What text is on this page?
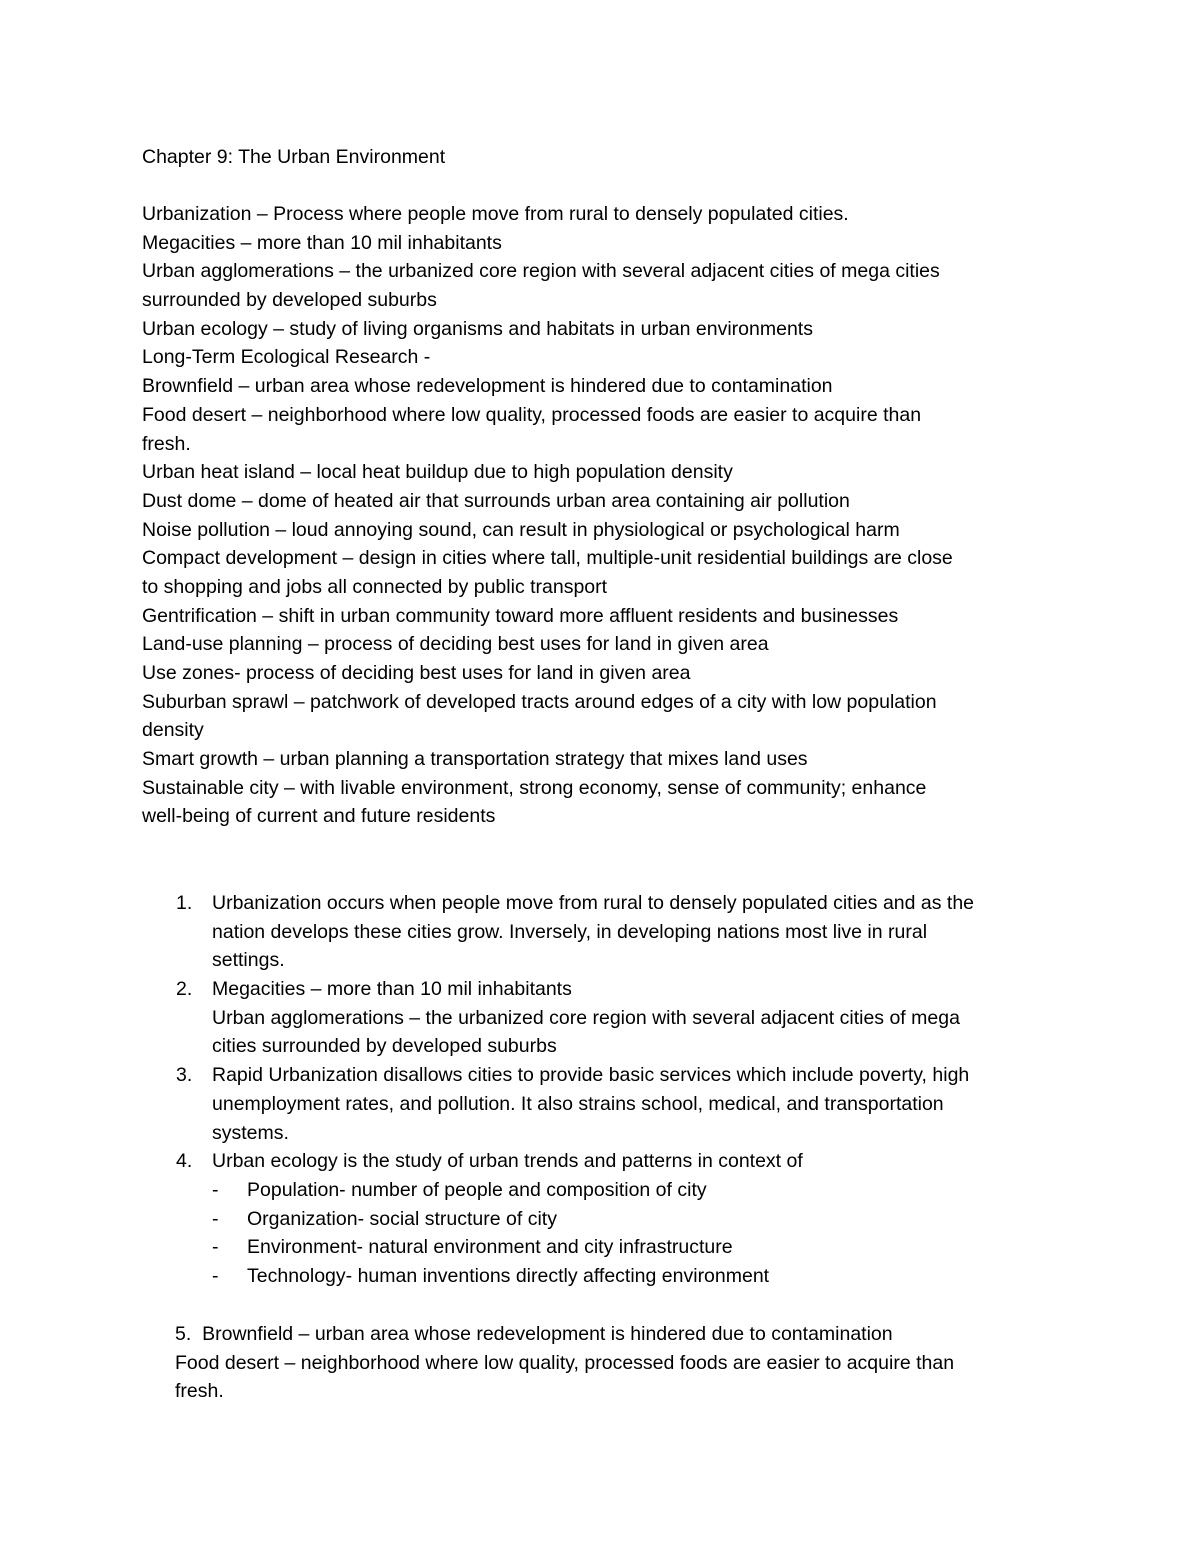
Chapter 9: The Urban Environment
Urbanization – Process where people move from rural to densely populated cities.
Megacities – more than 10 mil inhabitants
Urban agglomerations – the urbanized core region with several adjacent cities of mega cities
surrounded by developed suburbs
Urban ecology – study of living organisms and habitats in urban environments
Long-Term Ecological Research -
Brownfield – urban area whose redevelopment is hindered due to contamination
Food desert – neighborhood where low quality, processed foods are easier to acquire than
fresh.
Urban heat island – local heat buildup due to high population density
Dust dome – dome of heated air that surrounds urban area containing air pollution
Noise pollution – loud annoying sound, can result in physiological or psychological harm
Compact development – design in cities where tall, multiple-unit residential buildings are close
to shopping and jobs all connected by public transport
Gentrification – shift in urban community toward more affluent residents and businesses
Land-use planning – process of deciding best uses for land in given area
Use zones- process of deciding best uses for land in given area
Suburban sprawl – patchwork of developed tracts around edges of a city with low population
density
Smart growth – urban planning a transportation strategy that mixes land uses
Sustainable city – with livable environment, strong economy, sense of community; enhance
well-being of current and future residents
1.	Urbanization occurs when people move from rural to densely populated cities and as the
nation develops these cities grow. Inversely, in developing nations most live in rural
settings.
2.	Megacities – more than 10 mil inhabitants
Urban agglomerations – the urbanized core region with several adjacent cities of mega
cities surrounded by developed suburbs
3.	Rapid Urbanization disallows cities to provide basic services which include poverty, high
unemployment rates, and pollution. It also strains school, medical, and transportation
systems.
4.	Urban ecology is the study of urban trends and patterns in context of
- Population- number of people and composition of city
- Organization- social structure of city
- Environment- natural environment and city infrastructure
- Technology- human inventions directly affecting environment
5.  Brownfield – urban area whose redevelopment is hindered due to contamination
Food desert – neighborhood where low quality, processed foods are easier to acquire than
fresh.
